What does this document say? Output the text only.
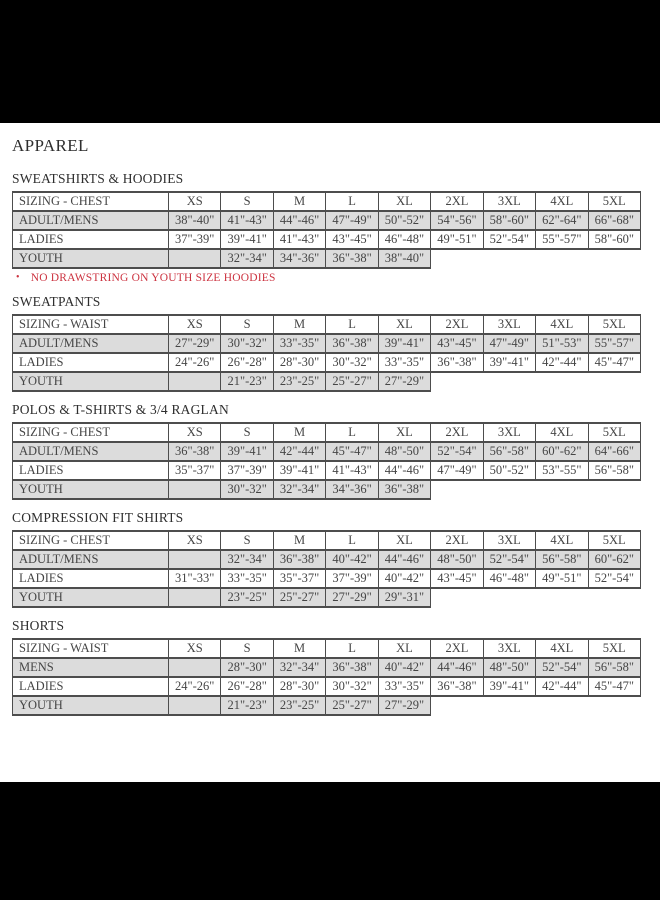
APPAREL
SWEATSHIRTS & HOODIES
SIZING - CHEST	XS	S	M	L	XL	2XL	3XL	4XL	5XL
ADULT/MENS	38"-40"	41"-43"	44"-46"	47"-49"	50"-52"	54"-56"	58"-60"	62"-64"	66"-68"
LADIES	37"-39"	39"-41"	41"-43"	43"-45"	46"-48"	49"-51"	52"-54"	55"-57"	58"-60"
YOUTH		32"-34"	34"-36"	36"-38"	38"-40"				

• NO DRAWSTRING ON YOUTH SIZE HOODIES

SWEATPANTS
SIZING - WAIST	XS	S	M	L	XL	2XL	3XL	4XL	5XL
ADULT/MENS	27"-29"	30"-32"	33"-35"	36"-38"	39"-41"	43"-45"	47"-49"	51"-53"	55"-57"
LADIES	24"-26"	26"-28"	28"-30"	30"-32"	33"-35"	36"-38"	39"-41"	42"-44"	45"-47"
YOUTH		21"-23"	23"-25"	25"-27"	27"-29"				
POLOS & T-SHIRTS & 3/4 RAGLAN
SIZING - CHEST	XS	S	M	L	XL	2XL	3XL	4XL	5XL
ADULT/MENS	36"-38"	39"-41"	42"-44"	45"-47"	48"-50"	52"-54"	56"-58"	60"-62"	64"-66"
LADIES	35"-37"	37"-39"	39"-41"	41"-43"	44"-46"	47"-49"	50"-52"	53"-55"	56"-58"
YOUTH		30"-32"	32"-34"	34"-36"	36"-38"				
COMPRESSION FIT SHIRTS
SIZING - CHEST	XS	S	M	L	XL	2XL	3XL	4XL	5XL
ADULT/MENS		32"-34"	36"-38"	40"-42"	44"-46"	48"-50"	52"-54"	56"-58"	60"-62"
LADIES	31"-33"	33"-35"	35"-37"	37"-39"	40"-42"	43"-45"	46"-48"	49"-51"	52"-54"
YOUTH		23"-25"	25"-27"	27"-29"	29"-31"				
SHORTS
SIZING - WAIST	XS	S	M	L	XL	2XL	3XL	4XL	5XL
MENS		28"-30"	32"-34"	36"-38"	40"-42"	44"-46"	48"-50"	52"-54"	56"-58"
LADIES	24"-26"	26"-28"	28"-30"	30"-32"	33"-35"	36"-38"	39"-41"	42"-44"	45"-47"
YOUTH		21"-23"	23"-25"	25"-27"	27"-29"				
